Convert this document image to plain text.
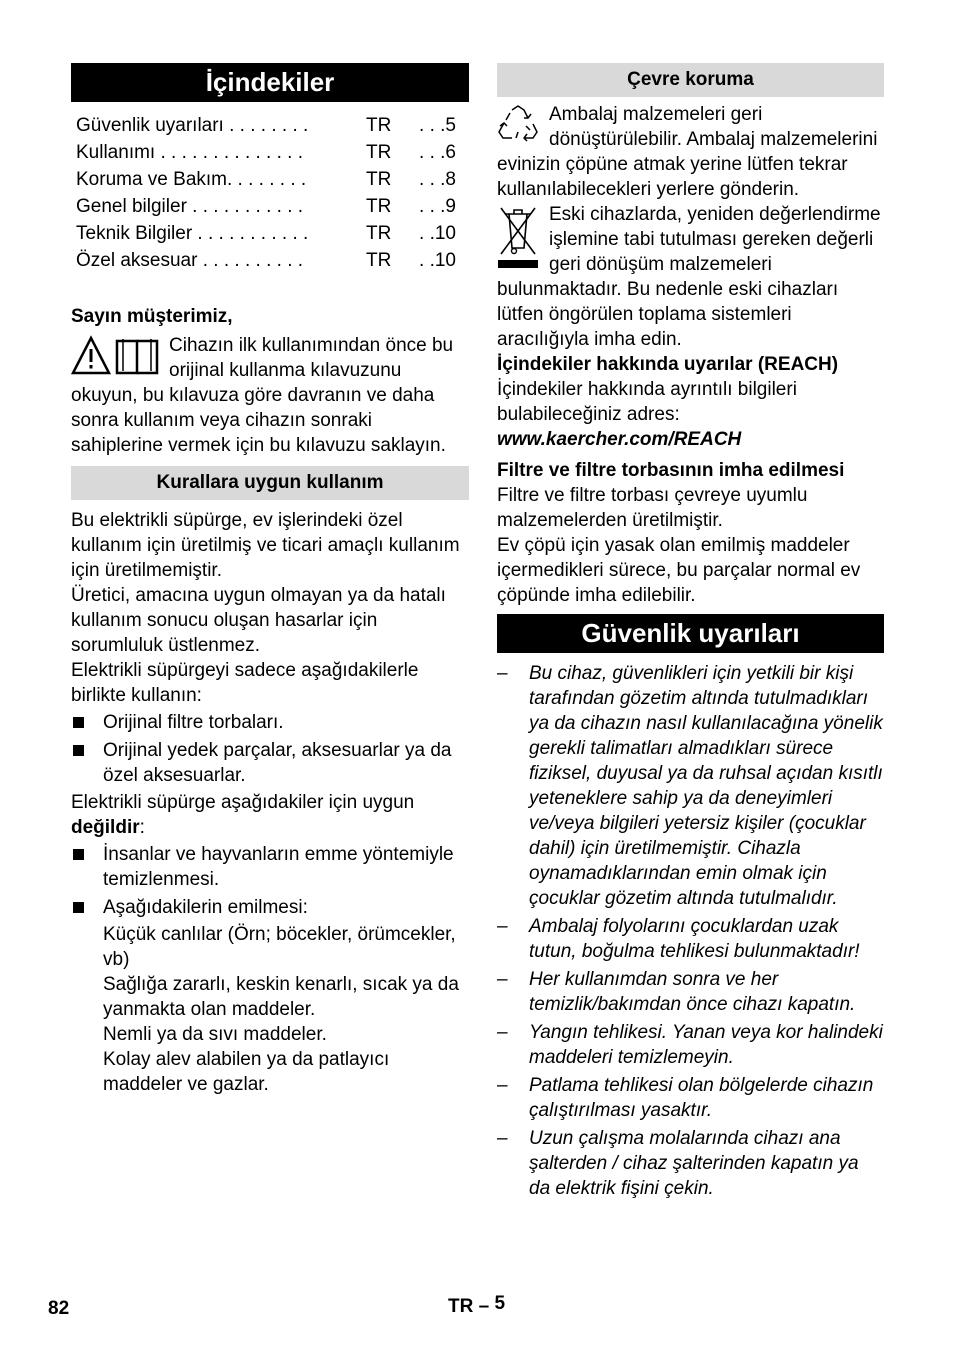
İçindekiler
Güvenlik uyarıları . . . . . . . .	TR . . .5
Kullanımı . . . . . . . . . . . . . .	TR . . .6
Koruma ve Bakım. . . . . . . .	TR . . .8
Genel bilgiler . . . . . . . . . . .	TR . . .9
Teknik Bilgiler . . . . . . . . . . .	TR . .10
Özel aksesuar . . . . . . . . . .	TR . .10

Sayın müşterimiz,

Cihazın ilk kullanımından önce bu orijinal kullanma kılavuzunu okuyun, bu kılavuza göre davranın ve daha sonra kullanım veya cihazın sonraki sahiplerine vermek için bu kılavuzu saklayın.

Kurallara uygun kullanım

Bu elektrikli süpürge, ev işlerindeki özel kullanım için üretilmiş ve ticari amaçlı kullanım için üretilmemiştir.

Üretici, amacına uygun olmayan ya da hatalı kullanım sonucu oluşan hasarlar için sorumluluk üstlenmez.

Elektrikli süpürgeyi sadece aşağıdakilerle birlikte kullanın:

Orijinal filtre torbaları.

Orijinal yedek parçalar, aksesuarlar ya da özel aksesuarlar.

Elektrikli süpürge aşağıdakiler için uygun
değildir:

İnsanlar ve hayvanların emme yöntemiyle temizlenmesi.

Aşağıdakilerin emilmesi:

Küçük canlılar (Örn; böcekler, örümcekler, vb)

Sağlığa zararlı, keskin kenarlı, sıcak ya da yanmakta olan maddeler.

Nemli ya da sıvı maddeler.

Kolay alev alabilen ya da patlayıcı maddeler ve gazlar.

Çevre koruma

Ambalaj malzemeleri geri dönüştürülebilir. Ambalaj malzemelerini evinizin çöpüne atmak yerine lütfen tekrar kullanılabilecekleri yerlere gönderin.

Eski cihazlarda, yeniden değerlendirme işlemine tabi tutulması gereken değerli geri dönüşüm malzemeleri bulunmaktadır. Bu nedenle eski cihazları lütfen öngörülen toplama sistemleri aracılığıyla imha edin.

İçindekiler hakkında uyarılar (REACH)

İçindekiler hakkında ayrıntılı bilgileri bulabileceğiniz adres:

www.kaercher.com/REACH

Filtre ve filtre torbasının imha edilmesi

Filtre ve filtre torbası çevreye uyumlu malzemelerden üretilmiştir.

Ev çöpü için yasak olan emilmiş maddeler içermedikleri sürece, bu parçalar normal ev çöpünde imha edilebilir.

Güvenlik uyarıları

– Bu cihaz, güvenlikleri için yetkili bir kişi tarafından gözetim altında tutulmadıkları ya da cihazın nasıl kullanılacağına yönelik gerekli talimatları almadıkları sürece fiziksel, duyusal ya da ruhsal açıdan kısıtlı yeteneklere sahip ya da deneyimleri ve/veya bilgileri yetersiz kişiler (çocuklar dahil) için üretilmemiştir. Cihazla oynamadıklarından emin olmak için çocuklar gözetim altında tutulmalıdır.

– Ambalaj folyolarını çocuklardan uzak tutun, boğulma tehlikesi bulunmaktadır!

– Her kullanımdan sonra ve her temizlik/bakımdan önce cihazı kapatın.

– Yangın tehlikesi. Yanan veya kor halindeki maddeleri temizlemeyin.

– Patlama tehlikesi olan bölgelerde cihazın çalıştırılması yasaktır.

– Uzun çalışma molalarında cihazı ana şalterden / cihaz şalterinden kapatın ya da elektrik fişini çekin.

82	TR – 5
